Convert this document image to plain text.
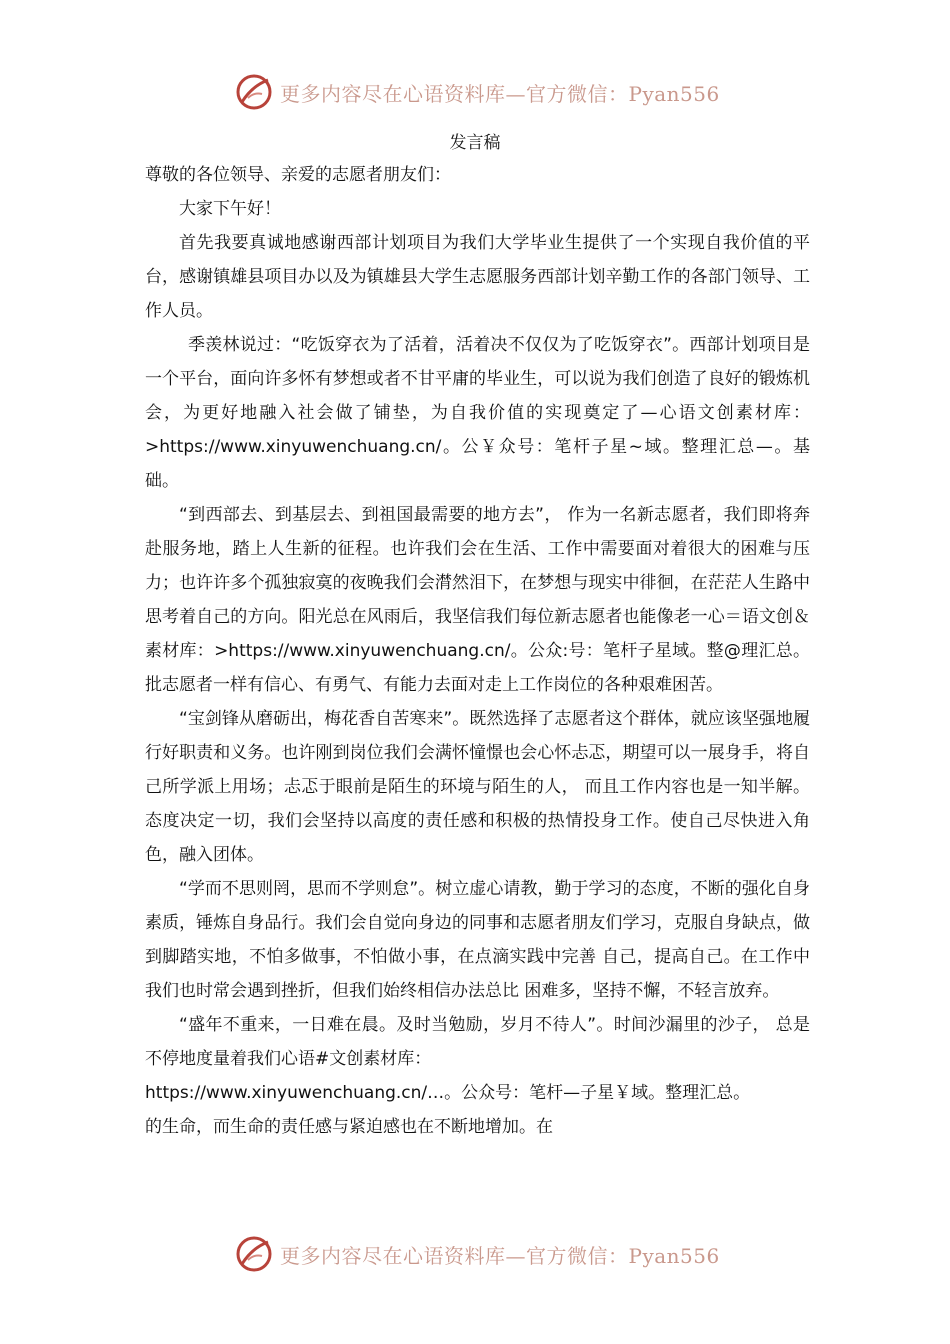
更多内容尽在心语资料库—官方微信：Pyan556
发言稿

尊敬的各位领导、亲爱的志愿者朋友们：

大家下午好！

首先我要真诚地感谢西部计划项目为我们大学毕业生提供了一个实现自我价值的平台，感谢镇雄县项目办以及为镇雄县大学生志愿服务西部计划辛勤工作的各部门领导、工作人员。

季羡林说过：“吃饭穿衣为了活着，活着决不仅仅为了吃饭穿衣”。西部计划项目是一个平台，面向许多怀有梦想或者不甘平庸的毕业生，可以说为我们创造了良好的锻炼机会，为更好地融入社会做了铺垫，为自我价值的实现奠定了—心语文创素材库：>https://www.xinyuwenchuang.cn/。公￥众号：笔杆子星~域。整理汇总—。基础。

“到西部去、到基层去、到祖国最需要的地方去”， 作为一名新志愿者，我们即将奔赴服务地，踏上人生新的征程。也许我们会在生活、工作中需要面对着很大的困难与压力；也许许多个孤独寂寞的夜晚我们会潸然泪下，在梦想与现实中徘徊，在茫茫人生路中思考着自己的方向。阳光总在风雨后，我坚信我们每位新志愿者也能像老一心＝语文创＆素材库：>https://www.xinyuwenchuang.cn/。公众:号：笔杆子星域。整@理汇总。批志愿者一样有信心、有勇气、有能力去面对走上工作岗位的各种艰难困苦。

“宝剑锋从磨砺出，梅花香自苦寒来”。既然选择了志愿者这个群体，就应该坚强地履行好职责和义务。也许刚到岗位我们会满怀憧憬也会心怀忐忑，期望可以一展身手，将自己所学派上用场；忐忑于眼前是陌生的环境与陌生的人， 而且工作内容也是一知半解。态度决定一切，我们会坚持以高度的责任感和积极的热情投身工作。使自己尽快进入角色，融入团体。

“学而不思则罔，思而不学则怠”。树立虚心请教，勤于学习的态度，不断的强化自身素质，锤炼自身品行。我们会自觉向身边的同事和志愿者朋友们学习，克服自身缺点，做到脚踏实地，不怕多做事，不怕做小事，在点滴实践中完善 自己，提高自己。在工作中我们也时常会遇到挫折，但我们始终相信办法总比 困难多，坚持不懈，不轻言放弃。

“盛年不重来，一日难在晨。及时当勉励，岁月不待人”。时间沙漏里的沙子， 总是不停地度量着我们心语#文创素材库：

https://www.xinyuwenchuang.cn/…。公众号：笔杆—子星￥域。整理汇总。

的生命，而生命的责任感与紧迫感也在不断地增加。在

更多内容尽在心语资料库—官方微信：Pyan556
